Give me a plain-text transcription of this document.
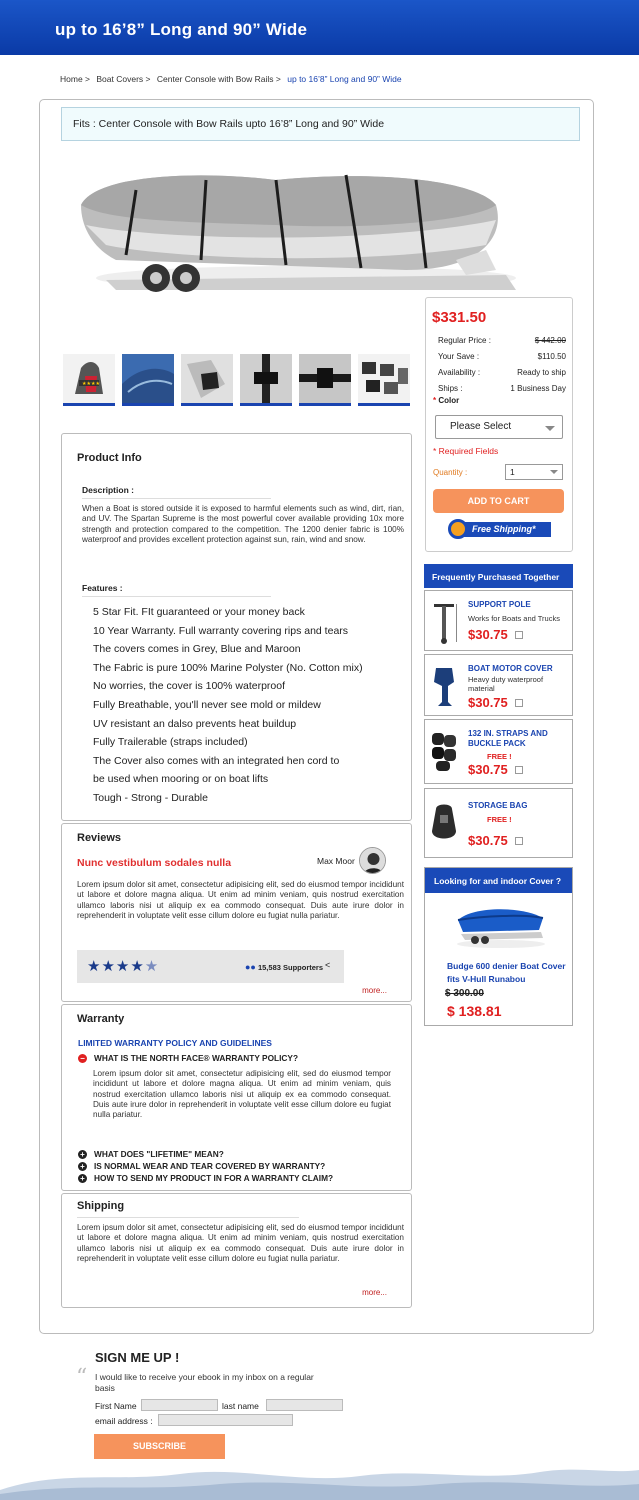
up to 16’8” Long and 90” Wide
Home > Boat Covers > Center Console with Bow Rails > up to 16’8” Long and 90” Wide
Fits : Center Console with Bow Rails upto 16’8” Long and 90” Wide
★★★★
$331.50
Regular Price :	$ 442.00
Your Save :	$110.50
Availability :	Ready to ship
Ships :	1 Business Day
* Color
Please Select
* Required Fields
Quantity :	1
ADD TO CART
Free Shipping*
Product Info
Description :
When a Boat is stored outside it is exposed to harmful elements such as wind, dirt, rian, and UV. The Spartan Supreme is the most powerful cover available providing 10x more strength and protection compared to the competition. The 1200 denier fabric is 100% waterproof and provides excellent protection against sun, rain, wind and snow.
Features :
5 Star Fit. FIt guaranteed or your money back
10 Year Warranty. Full warranty covering rips and tears
The covers comes in Grey, Blue and Maroon
The Fabric is pure 100% Marine Polyster (No. Cotton mix)
No worries, the cover is 100% waterproof
Fully Breathable, you'll never see mold or mildew
UV resistant an dalso prevents heat buildup
Fully Trailerable (straps included)
The Cover also comes with an integrated hen cord to
be used when mooring or on boat lifts
Tough - Strong - Durable
Reviews
Nunc vestibulum sodales nulla	Max Moor
Lorem ipsum dolor sit amet, consectetur adipisicing elit, sed do eiusmod tempor incididunt ut labore et dolore magna aliqua. Ut enim ad minim veniam, quis nostrud exercitation ullamco laboris nisi ut aliquip ex ea commodo consequat. Duis aute irure dolor in reprehenderit in voluptate velit esse cillum dolore eu fugiat nulla pariatur.
★★★★★	●● 15,583 Supporters <
more...
Warranty
LIMITED WARRANTY POLICY AND GUIDELINES
− WHAT IS THE NORTH FACE® WARRANTY POLICY?
Lorem ipsum dolor sit amet, consectetur adipisicing elit, sed do eiusmod tempor incididunt ut labore et dolore magna aliqua. Ut enim ad minim veniam, quis nostrud exercitation ullamco laboris nisi ut aliquip ex ea commodo consequat. Duis aute irure dolor in reprehenderit in voluptate velit esse cillum dolore eu fugiat nulla pariatur.
+ WHAT DOES "LIFETIME" MEAN?
+ IS NORMAL WEAR AND TEAR COVERED BY WARRANTY?
+ HOW TO SEND MY PRODUCT IN FOR A WARRANTY CLAIM?
Shipping
Lorem ipsum dolor sit amet, consectetur adipisicing elit, sed do eiusmod tempor incididunt ut labore et dolore magna aliqua. Ut enim ad minim veniam, quis nostrud exercitation ullamco laboris nisi ut aliquip ex ea commodo consequat. Duis aute irure dolor in reprehenderit in voluptate velit esse cillum dolore eu fugiat nulla pariatur.
more...
Frequently Purchased Together
SUPPORT POLE
Works for Boats and Trucks
$30.75
BOAT MOTOR COVER
Heavy duty waterproof material
$30.75
132 IN. STRAPS AND BUCKLE PACK
FREE !
$30.75
STORAGE BAG
FREE !
$30.75
Looking for and indoor Cover ?
Budge 600 denier Boat Cover fits V-Hull Runabou
$ 300.00
$ 138.81
SIGN ME UP !
“ I would like to receive your ebook in my inbox on a regular basis
First Name	last name
email address :
SUBSCRIBE
